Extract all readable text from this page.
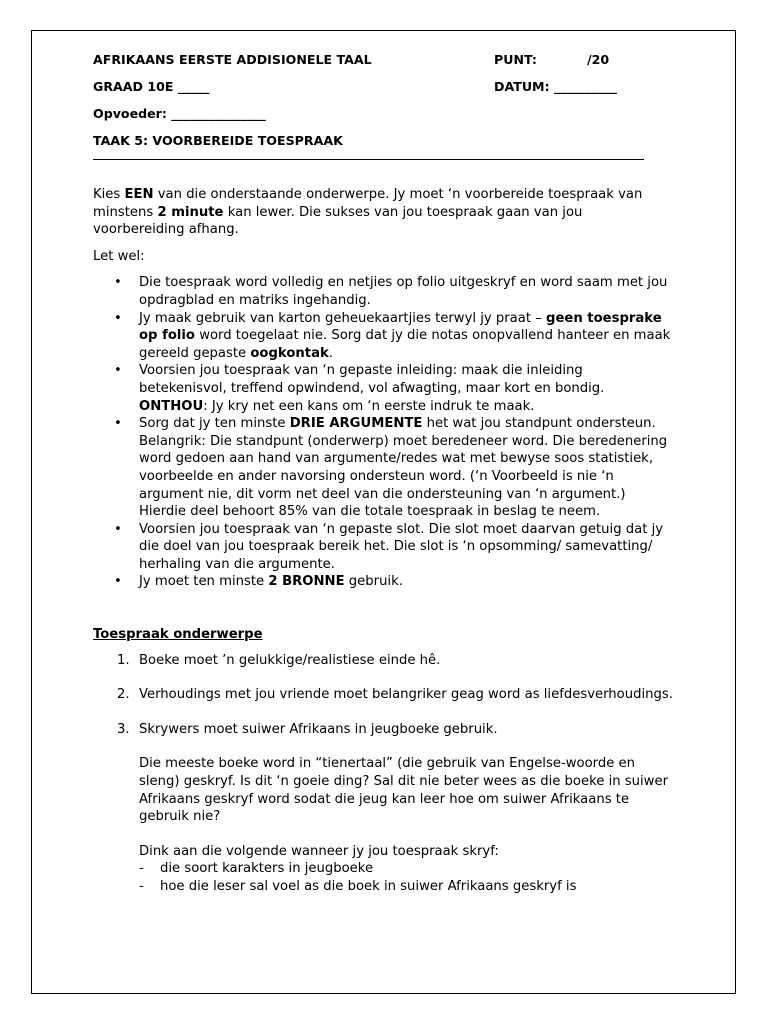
AFRIKAANS EERSTE ADDISIONELE TAAL	PUNT:	/20
GRAAD 10E _____	DATUM: __________
Opvoeder: _______________
TAAK 5: VOORBEREIDE TOESPRAAK

Kies EEN van die onderstaande onderwerpe. Jy moet ‘n voorbereide toespraak van minstens 2 minute kan lewer. Die sukses van jou toespraak gaan van jou voorbereiding afhang.

Let wel:

• Die toespraak word volledig en netjies op folio uitgeskryf en word saam met jou opdragblad en matriks ingehandig.
• Jy maak gebruik van karton geheuekaartjies terwyl jy praat – geen toesprake op folio word toegelaat nie. Sorg dat jy die notas onopvallend hanteer en maak gereeld gepaste oogkontak.
• Voorsien jou toespraak van ‘n gepaste inleiding: maak die inleiding betekenisvol, treffend opwindend, vol afwagting, maar kort en bondig. ONTHOU: Jy kry net een kans om ‘n eerste indruk te maak.
• Sorg dat jy ten minste DRIE ARGUMENTE het wat jou standpunt ondersteun. Belangrik: Die standpunt (onderwerp) moet beredeneer word. Die beredenering word gedoen aan hand van argumente/redes wat met bewyse soos statistiek, voorbeelde en ander navorsing ondersteun word. (‘n Voorbeeld is nie ‘n argument nie, dit vorm net deel van die ondersteuning van ‘n argument.) Hierdie deel behoort 85% van die totale toespraak in beslag te neem.
• Voorsien jou toespraak van ‘n gepaste slot. Die slot moet daarvan getuig dat jy die doel van jou toespraak bereik het. Die slot is ‘n opsomming/ samevatting/ herhaling van die argumente.
• Jy moet ten minste 2 BRONNE gebruik.

Toespraak onderwerpe

1. Boeke moet ’n gelukkige/realistiese einde hê.
2. Verhoudings met jou vriende moet belangriker geag word as liefdesverhoudings.
3. Skrywers moet suiwer Afrikaans in jeugboeke gebruik.

Die meeste boeke word in “tienertaal” (die gebruik van Engelse-woorde en sleng) geskryf. Is dit ‘n goeie ding? Sal dit nie beter wees as die boeke in suiwer Afrikaans geskryf word sodat die jeug kan leer hoe om suiwer Afrikaans te gebruik nie?

Dink aan die volgende wanneer jy jou toespraak skryf:

-	die soort karakters in jeugboeke
-	hoe die leser sal voel as die boek in suiwer Afrikaans geskryf is
